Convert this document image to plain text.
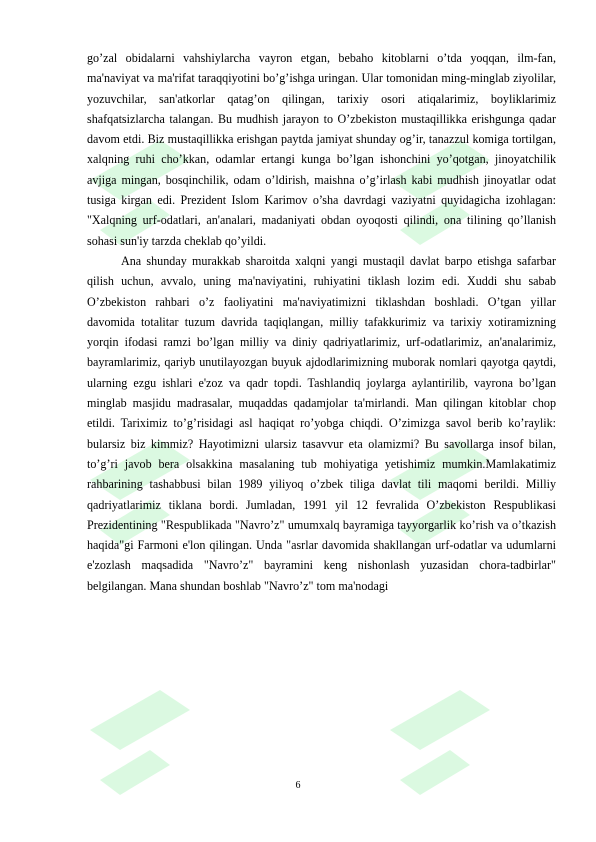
go’zal obidalarni vahshiylarcha vayron etgan, bebaho kitoblarni o’tda yoqqan, ilm-fan, ma'naviyat va ma'rifat taraqqiyotini bo’g’ishga uringan. Ular tomonidan ming-minglab ziyolilar, yozuvchilar, san'atkorlar qatag’on qilingan, tarixiy osori atiqalarimiz, boyliklarimiz shafqatsizlarcha talangan. Bu mudhish jarayon to O’zbekiston mustaqillikka erishgunga qadar davom etdi. Biz mustaqillikka erishgan paytda jamiyat shunday og’ir, tanazzul komiga tortilgan, xalqning ruhi cho’kkan, odamlar ertangi kunga bo’lgan ishonchini yo’qotgan, jinoyatchilik avjiga mingan, bosqinchilik, odam o’ldirish, maishna o’g’irlash kabi mudhish jinoyatlar odat tusiga kirgan edi. Prezident Islom Karimov o’sha davrdagi vaziyatni quyidagicha izohlagan: "Xalqning urf-odatlari, an'analari, madaniyati obdan oyoqosti qilindi, ona tilining qo’llanish sohasi sun'iy tarzda cheklab qo’yildi.

Ana shunday murakkab sharoitda xalqni yangi mustaqil davlat barpo etishga safarbar qilish uchun, avvalo, uning ma'naviyatini, ruhiyatini tiklash lozim edi. Xuddi shu sabab O’zbekiston rahbari o’z faoliyatini ma'naviyatimizni tiklashdan boshladi. O’tgan yillar davomida totalitar tuzum davrida taqiqlangan, milliy tafakkurimiz va tarixiy xotiramizning yorqin ifodasi ramzi bo’lgan milliy va diniy qadriyatlarimiz, urf-odatlarimiz, an'analarimiz, bayramlarimiz, qariyb unutilayozgan buyuk ajdodlarimizning muborak nomlari qayotga qaytdi, ularning ezgu ishlari e'zoz va qadr topdi. Tashlandiq joylarga aylantirilib, vayrona bo’lgan minglab masjidu madrasalar, muqaddas qadamjolar ta'mirlandi. Man qilingan kitoblar chop etildi. Tariximiz to’g’risidagi asl haqiqat ro’yobga chiqdi. O’zimizga savol berib ko’raylik: bularsiz biz kimmiz? Hayotimizni ularsiz tasavvur eta olamizmi? Bu savollarga insof bilan, to’g’ri javob bera olsakkina masalaning tub mohiyatiga yetishimiz mumkin.Mamlakatimiz rahbarining tashabbusi bilan 1989 yiliyoq o’zbek tiliga davlat tili maqomi berildi. Milliy qadriyatlarimiz tiklana bordi. Jumladan, 1991 yil 12 fevralida O’zbekiston Respublikasi Prezidentining "Respublikada "Navro’z" umumxalq bayramiga tayyorgarlik ko’rish va o’tkazish haqida"gi Farmoni e'lon qilingan. Unda "asrlar davomida shakllangan urf-odatlar va udumlarni e'zozlash maqsadida "Navro’z" bayramini keng nishonlash yuzasidan chora-tadbirlar" belgilangan. Mana shundan boshlab "Navro’z" tom ma'nodagi

6
